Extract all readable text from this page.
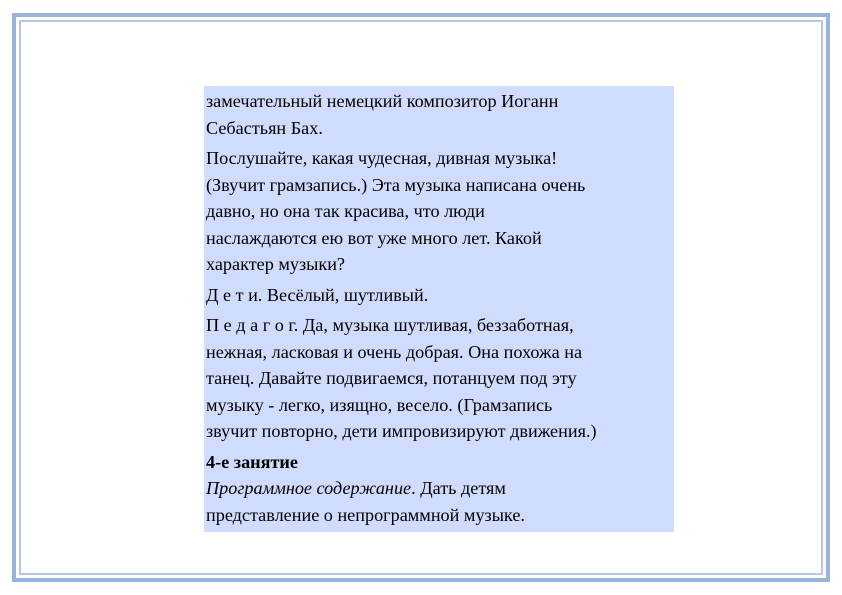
замечательный немецкий композитор Иоганн
Себастьян Бах.

Послушайте, какая чудесная, дивная музыка!
(Звучит грамзапись.) Эта музыка написана очень
давно, но она так красива, что люди
наслаждаются ею вот уже много лет. Какой
характер музыки?

Д е т и. Весёлый, шутливый.

П е д а г о г. Да, музыка шутливая, беззаботная,
нежная, ласковая и очень добрая. Она похожа на
танец. Давайте подвигаемся, потанцуем под эту
музыку - легко, изящно, весело. (Грамзапись
звучит повторно, дети импровизируют движения.)

4-е занятие
Программное содержание. Дать детям
представление о непрограммной музыке.
